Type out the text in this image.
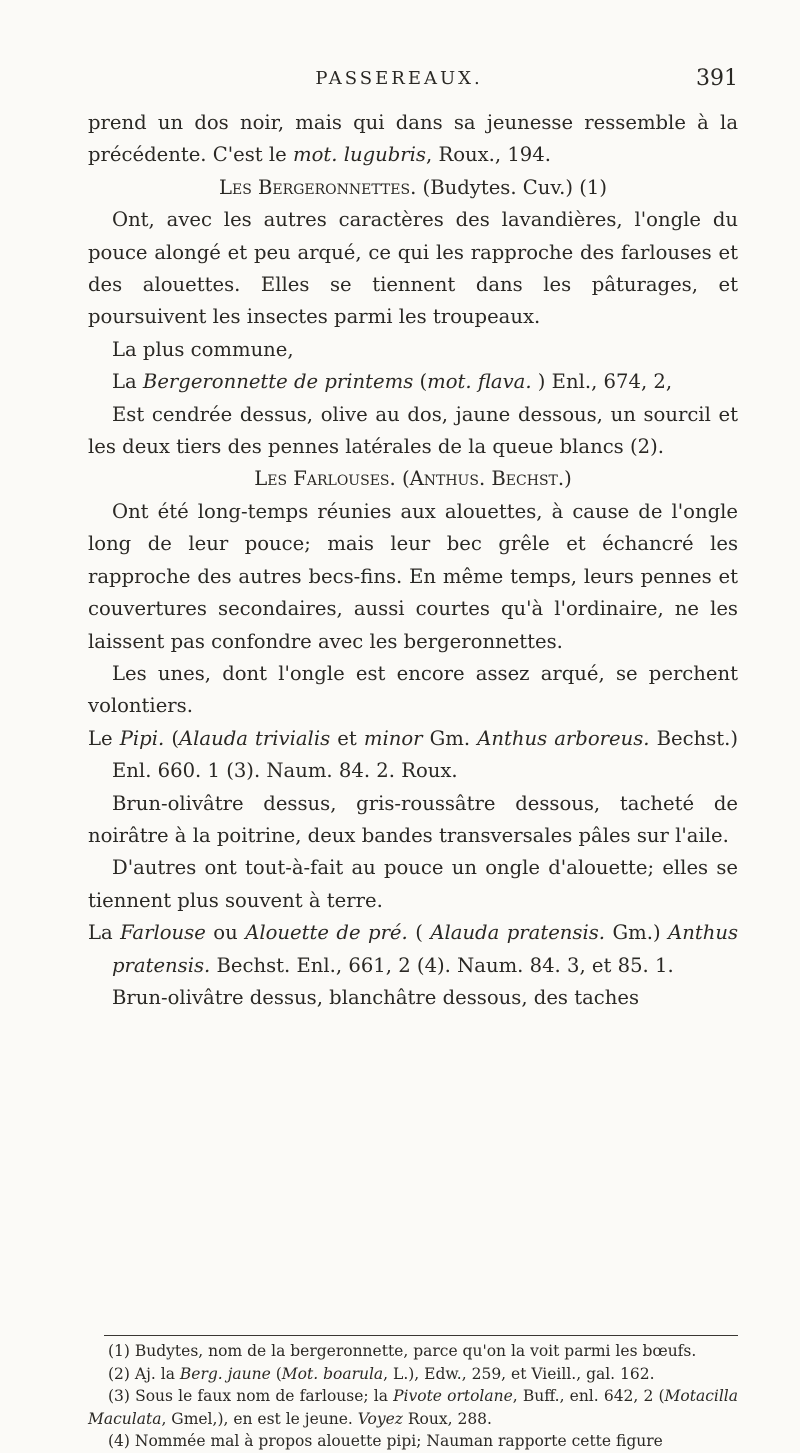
PASSEREAUX.	391

prend un dos noir, mais qui dans sa jeunesse ressemble à la précédente. C'est le mot. lugubris, Roux., 194.

Les Bergeronnettes. (Budytes. Cuv.) (1)

Ont, avec les autres caractères des lavandières, l'ongle du pouce alongé et peu arqué, ce qui les rapproche des farlouses et des alouettes. Elles se tiennent dans les pâturages, et poursuivent les insectes parmi les troupeaux.

La plus commune,

La Bergeronnette de printems (mot. flava. ) Enl., 674, 2,

Est cendrée dessus, olive au dos, jaune dessous, un sourcil et les deux tiers des pennes latérales de la queue blancs (2).

Les Farlouses. (Anthus. Bechst.)

Ont été long-temps réunies aux alouettes, à cause de l'ongle long de leur pouce; mais leur bec grêle et échancré les rapproche des autres becs-fins. En même temps, leurs pennes et couvertures secondaires, aussi courtes qu'à l'ordinaire, ne les laissent pas confondre avec les bergeronnettes.

Les unes, dont l'ongle est encore assez arqué, se perchent volontiers.

Le Pipi. (Alauda trivialis et minor Gm. Anthus arboreus. Bechst.) Enl. 660. 1 (3). Naum. 84. 2. Roux.

Brun-olivâtre dessus, gris-roussâtre dessous, tacheté de noirâtre à la poitrine, deux bandes transversales pâles sur l'aile.

D'autres ont tout-à-fait au pouce un ongle d'alouette; elles se tiennent plus souvent à terre.

La Farlouse ou Alouette de pré. ( Alauda pratensis. Gm.) Anthus pratensis. Bechst. Enl., 661, 2 (4). Naum. 84. 3, et 85. 1.

Brun-olivâtre dessus, blanchâtre dessous, des taches

(1) Budytes, nom de la bergeronnette, parce qu'on la voit parmi les bœufs.

(2) Aj. la Berg. jaune (Mot. boarula, L.), Edw., 259, et Vieill., gal. 162.

(3) Sous le faux nom de farlouse; la Pivote ortolane, Buff., enl. 642, 2 (Motacilla Maculata, Gmel,), en est le jeune. Voyez Roux, 288.

(4) Nommée mal à propos alouette pipi; Nauman rapporte cette figure
